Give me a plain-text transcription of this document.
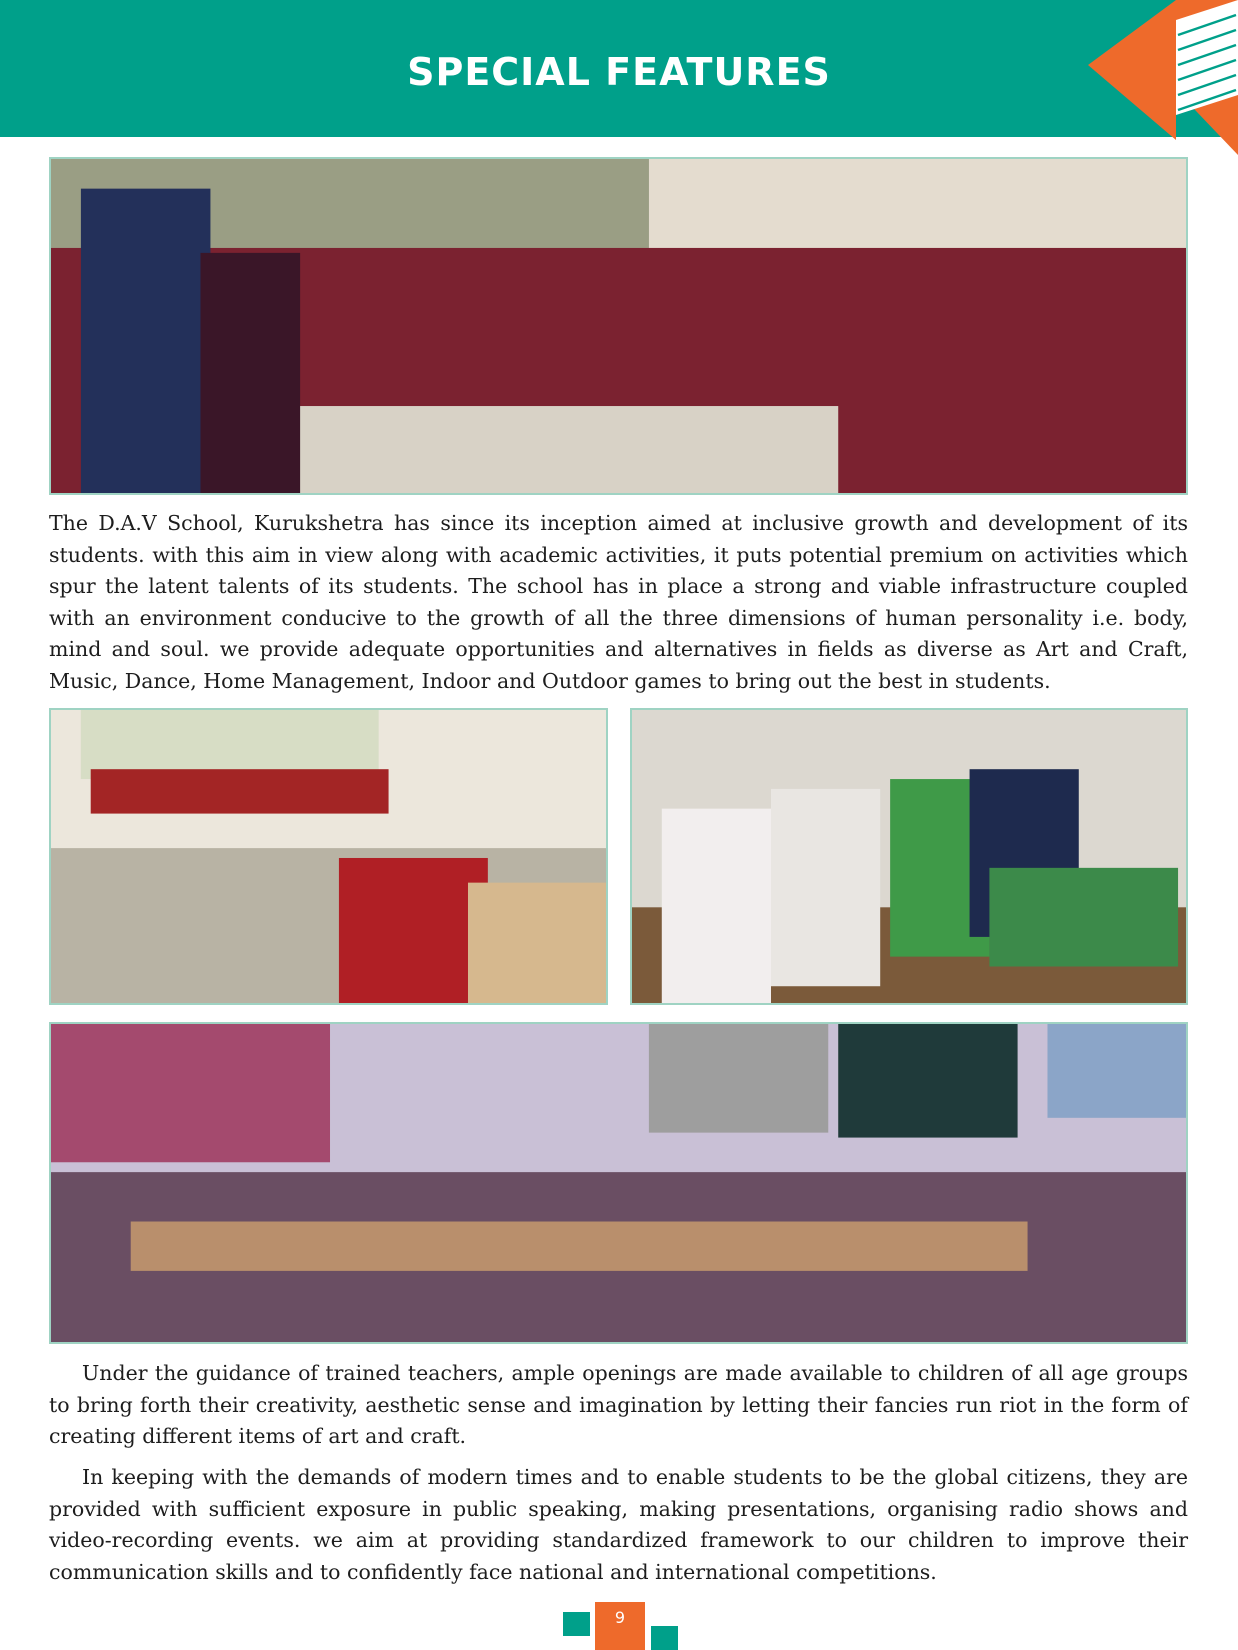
SPECIAL FEATURES

The D.A.V School, Kurukshetra has since its inception aimed at inclusive growth and development of its students. with this aim in view along with academic activities, it puts potential premium on activities which spur the latent talents of its students. The school has in place a strong and viable infrastructure coupled with an environment conducive to the growth of all the three dimensions of human personality i.e. body, mind and soul. we provide adequate opportunities and alternatives in fields as diverse as Art and Craft, Music, Dance, Home Management, Indoor and Outdoor games to bring out the best in students.

Under the guidance of trained teachers, ample openings are made available to children of all age groups to bring forth their creativity, aesthetic sense and imagination by letting their fancies run riot in the form of creating different items of art and craft.

In keeping with the demands of modern times and to enable students to be the global citizens, they are provided with sufficient exposure in public speaking, making presentations, organising radio shows and video-recording events. we aim at providing standardized framework to our children to improve their communication skills and to confidently face national and international competitions.

9
